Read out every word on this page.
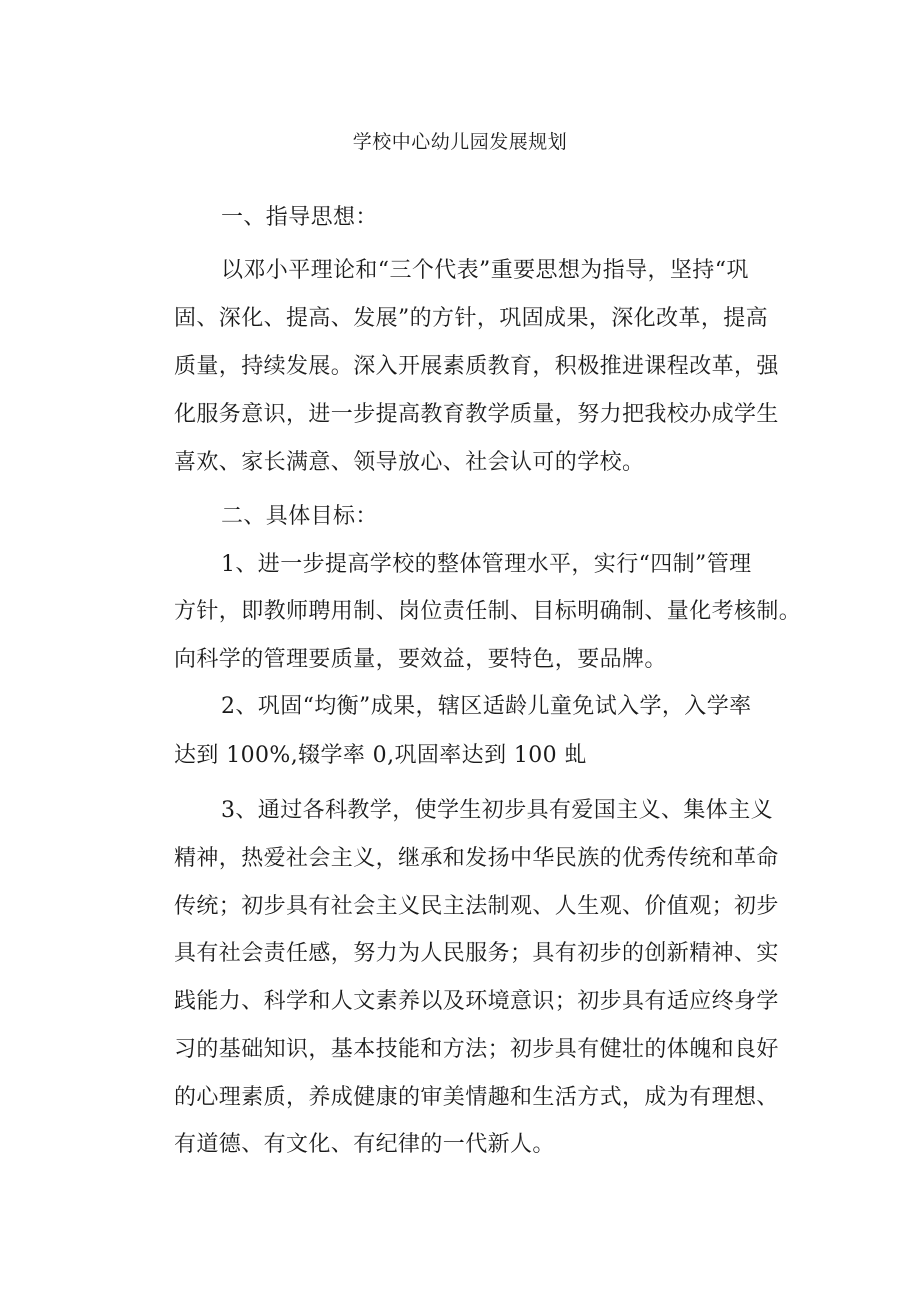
学校中心幼儿园发展规划
一、指导思想：
以邓小平理论和“三个代表”重要思想为指导，坚持“巩
固、深化、提高、发展”的方针，巩固成果，深化改革，提高
质量，持续发展。深入开展素质教育，积极推进课程改革，强
化服务意识，进一步提高教育教学质量，努力把我校办成学生
喜欢、家长满意、领导放心、社会认可的学校。
二、具体目标：
1、进一步提高学校的整体管理水平，实行“四制”管理
方针，即教师聘用制、岗位责任制、目标明确制、量化考核制。
向科学的管理要质量，要效益，要特色，要品牌。
2、巩固“均衡”成果，辖区适龄儿童免试入学，入学率
达到 100%,辍学率 0,巩固率达到 100 虬
3、通过各科教学，使学生初步具有爱国主义、集体主义
精神，热爱社会主义，继承和发扬中华民族的优秀传统和革命
传统；初步具有社会主义民主法制观、人生观、价值观；初步
具有社会责任感，努力为人民服务；具有初步的创新精神、实
践能力、科学和人文素养以及环境意识；初步具有适应终身学
习的基础知识，基本技能和方法；初步具有健壮的体魄和良好
的心理素质，养成健康的审美情趣和生活方式，成为有理想、
有道德、有文化、有纪律的一代新人。
